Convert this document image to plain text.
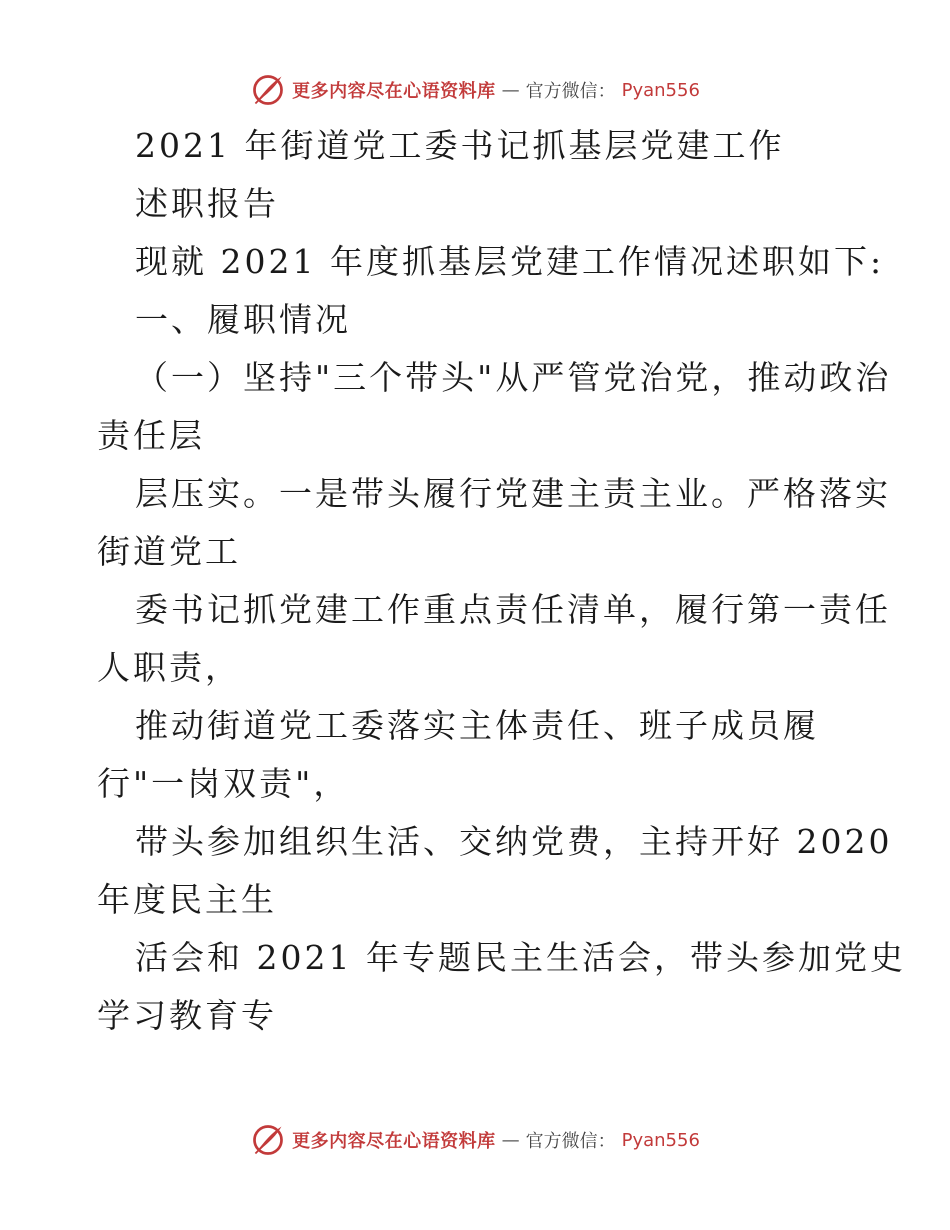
更多内容尽在心语资料库 — 官方微信： Pyan556
2021 年街道党工委书记抓基层党建工作
述职报告
现就 2021 年度抓基层党建工作情况述职如下:
一、履职情况
（一）坚持"三个带头"从严管党治党，推动政治
责任层
层压实。一是带头履行党建主责主业。严格落实
街道党工
委书记抓党建工作重点责任清单，履行第一责任
人职责，
推动街道党工委落实主体责任、班子成员履
行"一岗双责"，
带头参加组织生活、交纳党费，主持开好 2020
年度民主生
活会和 2021 年专题民主生活会，带头参加党史
学习教育专
更多内容尽在心语资料库 — 官方微信： Pyan556
